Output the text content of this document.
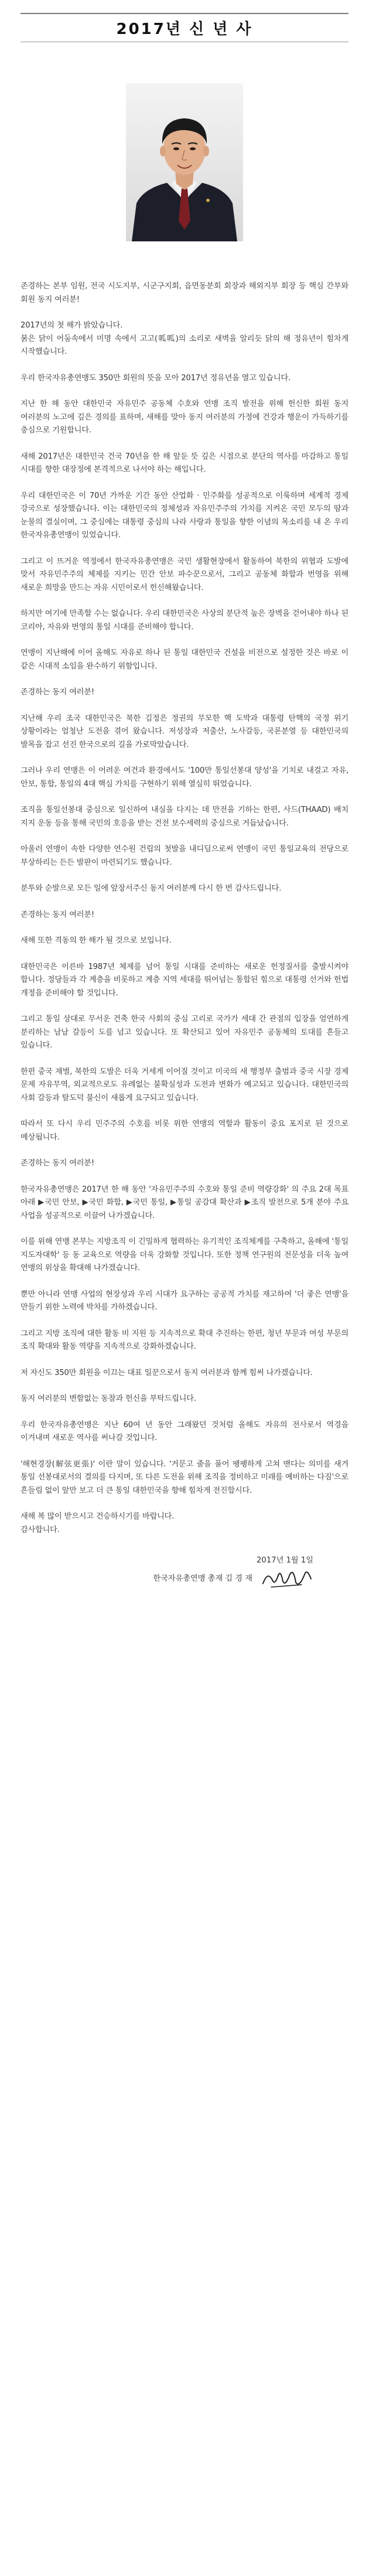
2017년 신 년 사

존경하는 본부 임원, 전국 시도지부, 시군구지회, 읍면동분회 회장과 해외지부 회장 등 핵심 간부와 회원 동지 여러분!

2017년의 첫 해가 밝았습니다.
붉은 닭이 어둠속에서 미명 속에서 고고(呱呱)의 소리로 새벽을 알리듯 닭의 해 정유년이 힘차게 시작했습니다.

우리 한국자유총연맹도 350만 회원의 뜻을 모아 2017년 정유년을 열고 있습니다.

지난 한 해 동안 대한민국 자유민주 공동체 수호와 연맹 조직 발전을 위해 헌신한 회원 동지 여러분의 노고에 깊은 경의를 표하며, 새해를 맞아 동지 여러분의 가정에 건강과 행운이 가득하기를 충심으로 기원합니다.

새해 2017년은 대한민국 건국 70년을 한 해 앞둔 뜻 깊은 시점으로 분단의 역사를 마감하고 통일 시대를 향한 대장정에 본격적으로 나서야 하는 해입니다.

우리 대한민국은 이 70년 가까운 기간 동안 산업화 · 민주화를 성공적으로 이룩하며 세계적 경제 강국으로 성장했습니다. 이는 대한민국의 정체성과 자유민주주의 가치를 지켜온 국민 모두의 땀과 눈물의 결실이며, 그 중심에는 대통령 중심의 나라 사랑과 통일을 향한 이념의 목소리를 내 온 우리 한국자유총연맹이 있었습니다.

그리고 이 뜨거운 역정에서 한국자유총연맹은 국민 생활현장에서 활동하여 북한의 위협과 도발에 맞서 자유민주주의 체제를 지키는 민간 안보 파수꾼으로서, 그리고 공동체 화합과 번영을 위해 새로운 희망을 만드는 자유 시민이로서 헌신해왔습니다.

하지만 여기에 만족할 수는 없습니다. 우리 대한민국은 사상의 분단적 높은 장벽을 걷어내야 하나 된 코리아, 자유와 번영의 통일 시대를 준비해야 합니다.

연맹이 지난해에 이어 올해도 자유로 하나 된 통일 대한민국 건설을 비전으로 설정한 것은 바로 이 같은 시대적 소임을 완수하기 위함입니다.

존경하는 동지 여러분!

지난해 우리 조국 대한민국은 북한 김정은 정권의 무모한 핵 도박과 대통령 탄핵의 국정 위기 상황이라는 엄청난 도전을 겪어 왔습니다. 저성장과 저출산, 노사갈등, 국론분열 등 대한민국의 발목을 잡고 선진 한국으로의 길을 가로막았습니다.

그러나 우리 연맹은 이 어려운 여건과 환경에서도 '100만 통일선봉대 양성'을 기치로 내걸고 자유, 안보, 통합, 통일의 4대 핵심 가치를 구현하기 위해 열심히 뛰었습니다.

조직을 통일선봉대 중심으로 일신하여 내실을 다지는 데 만전을 기하는 한편, 사드(THAAD) 배치 지지 운동 등을 통해 국민의 호응을 받는 건전 보수세력의 중심으로 거듭났습니다.

아울러 연맹이 속한 다양한 연수원 건립의 첫발을 내디딤으로써 연맹이 국민 통일교육의 전당으로 부상하리는 든든 발판이 마련되기도 했습니다.

분투와 순발으로 모든 일에 앞장서주신 동지 여러분께 다시 한 번 감사드립니다.

존경하는 동지 여러분!

새해 또한 격동의 한 해가 될 것으로 보입니다.

대한민국은 이른바 1987년 체제를 넘어 통일 시대를 준비하는 새로운 헌정질서를 출발시켜야 합니다. 정당들과 각 계층을 비롯하고 계층 지역 세대를 뛰어넘는 통합된 힘으로 대통령 선거와 헌법 개정을 준비해야 할 것입니다.

그리고 통일 상대로 무서운 건축 한국 사회의 중심 고리로 국가가 세대 간 관점의 입장을 엄연하게 분리하는 남남 갈등이 도를 넘고 있습니다. 또 확산되고 있어 자유민주 공동체의 토대를 흔들고 있습니다.

한편 중국 재벌, 북한의 도발은 더욱 거세게 이어질 것이고 미국의 새 행정부 출범과 중국 시장 경제 문제 자유무역, 외교적으로도 유례없는 불확실성과 도전과 변화가 예고되고 있습니다. 대한민국의 사회 갈등과 탈도덕 불신이 새롭게 요구되고 있습니다.

따라서 또 다시 우리 민주주의 수호를 비롯 위한 연맹의 역할과 활동이 중요 포지로 된 것으로 예상됩니다.

존경하는 동지 여러분!

한국자유총연맹은 2017년 한 해 동안 '자유민주주의 수호와 통일 준비 역량강화' 의 주요 2대 목표 아래 ▶국민 안보, ▶국민 화합, ▶국민 통일, ▶통일 공감대 확산과 ▶조직 발전으로 5개 분야 주요 사업을 성공적으로 이끌어 나가겠습니다.

이를 위해 연맹 본부는 지방조직 이 긴밀하게 협력하는 유기적인 조직체계를 구축하고, 올해에 '통일 지도자대학' 등 동 교육으로 역량을 더욱 강화할 것입니다. 또한 정책 연구원의 전문성을 더욱 높여 연맹의 위상을 확대해 나가겠습니다.

뿐만 아니라 연맹 사업의 현장성과 우리 시대가 요구하는 공공적 가치를 재고하여 '더 좋은 연맹'을 만들기 위한 노력에 박차를 가하겠습니다.

그리고 지방 조직에 대한 활동 비 지원 등 지속적으로 확대 추진하는 한편, 청년 부문과 여성 부문의 조직 확대와 활동 역량을 지속적으로 강화하겠습니다.

저 자신도 350만 회원을 이끄는 대표 일꾼으로서 동지 여러분과 함께 힘써 나가겠습니다.

동지 여러분의 변함없는 동참과 헌신을 부탁드립니다.

우리 한국자유총연맹은 지난 60여 년 동안 그래왔던 것처럼 올해도 자유의 전사로서 역경을 이겨내며 새로운 역사를 써나갈 것입니다.

'해현경장(解弦更張)' 이란 말이 있습니다. '거문고 줄을 풀어 팽팽하게 고쳐 맨다는 의미를 새겨 통일 선봉대로서의 결의를 다지며, 또 다른 도전을 위해 조직을 정비하고 미래를 예비하는 다짐'으로 흔들림 없이 앞만 보고 더 큰 통일 대한민국을 향해 힘차게 전진합시다.

새해 복 많이 받으시고 건승하시기를 바랍니다.
감사합니다.

2017년 1월 1일
한국자유총연맹 총재 김 경 재
